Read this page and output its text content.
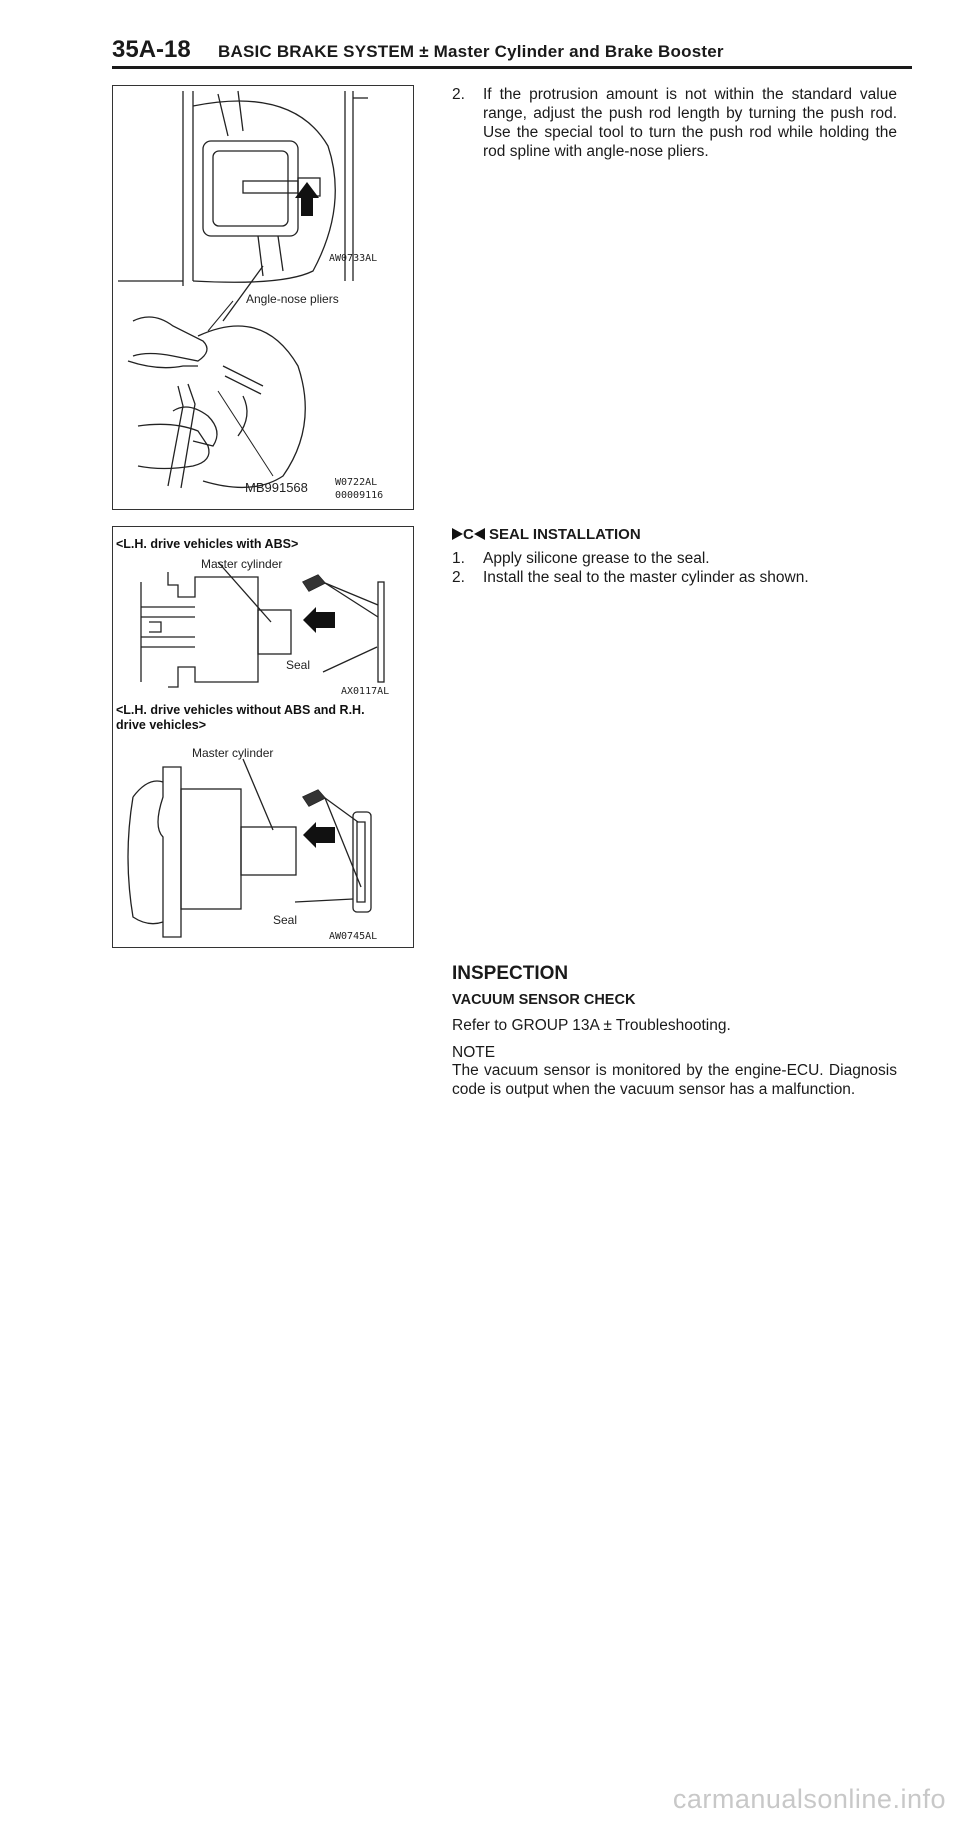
35A-18 BASIC BRAKE SYSTEM ± Master Cylinder and Brake Booster
AW0733AL
Angle-nose pliers
MB991568	W0722AL
00009116
<L.H. drive vehicles with ABS>
Master cylinder
Seal
AX0117AL
<L.H. drive vehicles without ABS and R.H.
drive vehicles>
Master cylinder
Seal
AW0745AL
2. If the protrusion amount is not within the standard value range, adjust the push rod length by turning the push rod. Use the special tool to turn the push rod while holding the rod spline with angle-nose pliers.
C SEAL INSTALLATION
1. Apply silicone grease to the seal.
2. Install the seal to the master cylinder as shown.
INSPECTION
VACUUM SENSOR CHECK
Refer to GROUP 13A ± Troubleshooting.
NOTE
The vacuum sensor is monitored by the engine-ECU. Diagnosis code is output when the vacuum sensor has a malfunction.
carmanualsonline.info
